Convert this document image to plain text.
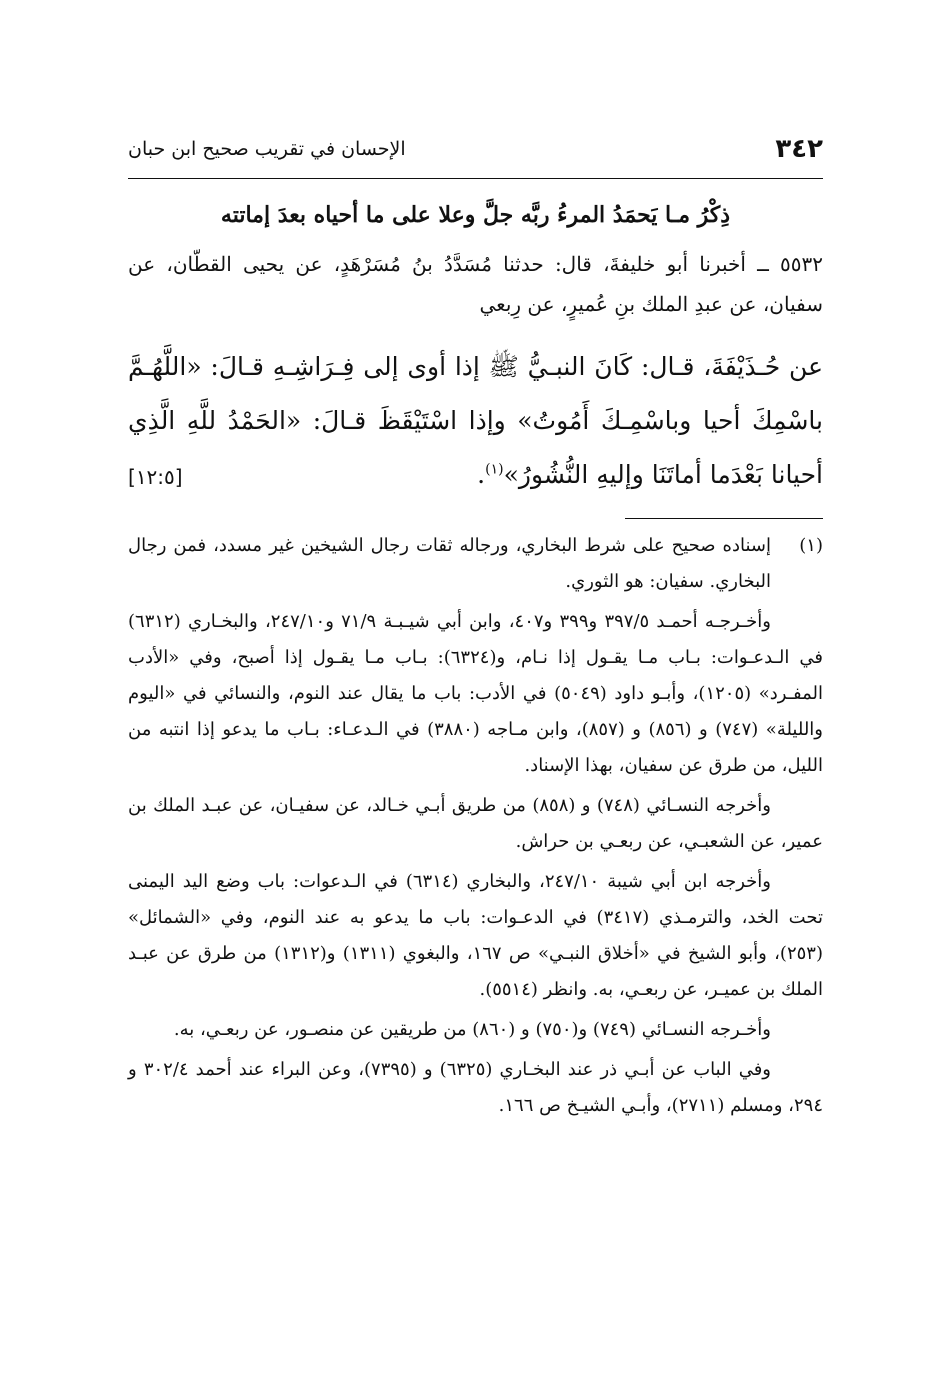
٣٤٢
الإحسان في تقريب صحيح ابن حبان
ذِكْرُ مـا يَحمَدُ المرءُ ربَّه جلَّ وعلا على ما أحياه بعدَ إماتته
٥٥٣٢ ــ أخبرنا أبو خليفةَ، قال: حدثنا مُسَدَّدُ بنُ مُسَرْهَدٍ، عن يحيى القطّان، عن سفيان، عن عبدِ الملك بنِ عُميرٍ، عن رِبعي
عن حُـذَيْفَةَ، قـال: كَانَ النبـيُّ ﷺ إذا أوى إلى فِـرَاشِـهِ قـالَ: «اللَّهُـمَّ باسْمِكَ أحيا وباسْمِـكَ أَمُوتُ» وإذا اسْتَيْقَظَ قـالَ: «الحَمْدُ للَّهِ الَّذِي أحيانا بَعْدَما أماتَنَا وإليهِ النُّشُورُ»$^{(١)}$.
[١٢:٥]

(١)
إسناده صحيح على شرط البخاري، ورجاله ثقات رجال الشيخين غير مسدد، فمن رجال البخاري. سفيان: هو الثوري.

وأخـرجـه أحمـد ٣٩٧/٥ و٣٩٩ و٤٠٧، وابن أبي شيـبـة ٧١/٩ و٢٤٧/١٠، والبخـاري (٦٣١٢) في الـدعـوات: بـاب مـا يقـول إذا نـام، و(٦٣٢٤): بـاب مـا يقـول إذا أصبح، وفي «الأدب المفـرد» (١٢٠٥)، وأبـو داود (٥٠٤٩) في الأدب: باب ما يقال عند النوم، والنسائي في «اليوم والليلة» (٧٤٧) و (٨٥٦) و (٨٥٧)، وابن مـاجه (٣٨٨٠) في الـدعـاء: بـاب ما يدعو إذا انتبه من الليل، من طرق عن سفيان، بهذا الإسناد.

وأخرجه النسـائي (٧٤٨) و (٨٥٨) من طريق أبـي خـالد، عن سفيـان، عن عبـد الملك بن عمير، عن الشعبـي، عن ربعـي بن حراش.

وأخرجه ابن أبي شيبة ٢٤٧/١٠، والبخاري (٦٣١٤) في الـدعوات: باب وضع اليد اليمنى تحت الخد، والترمـذي (٣٤١٧) في الدعـوات: باب ما يدعو به عند النوم، وفي «الشمائل» (٢٥٣)، وأبو الشيخ في «أخلاق النبـي» ص ١٦٧، والبغوي (١٣١١) و(١٣١٢) من طرق عن عبـد الملك بن عميـر، عن ربعـي، به. وانظر (٥٥١٤).

وأخـرجه النسـائي (٧٤٩) و(٧٥٠) و (٨٦٠) من طريقين عن منصـور، عن ربعـي، به.

وفي الباب عن أبـي ذر عند البخـاري (٦٣٢٥) و (٧٣٩٥)، وعن البراء عند أحمد ٣٠٢/٤ و ٢٩٤، ومسلم (٢٧١١)، وأبـي الشيـخ ص ١٦٦.
